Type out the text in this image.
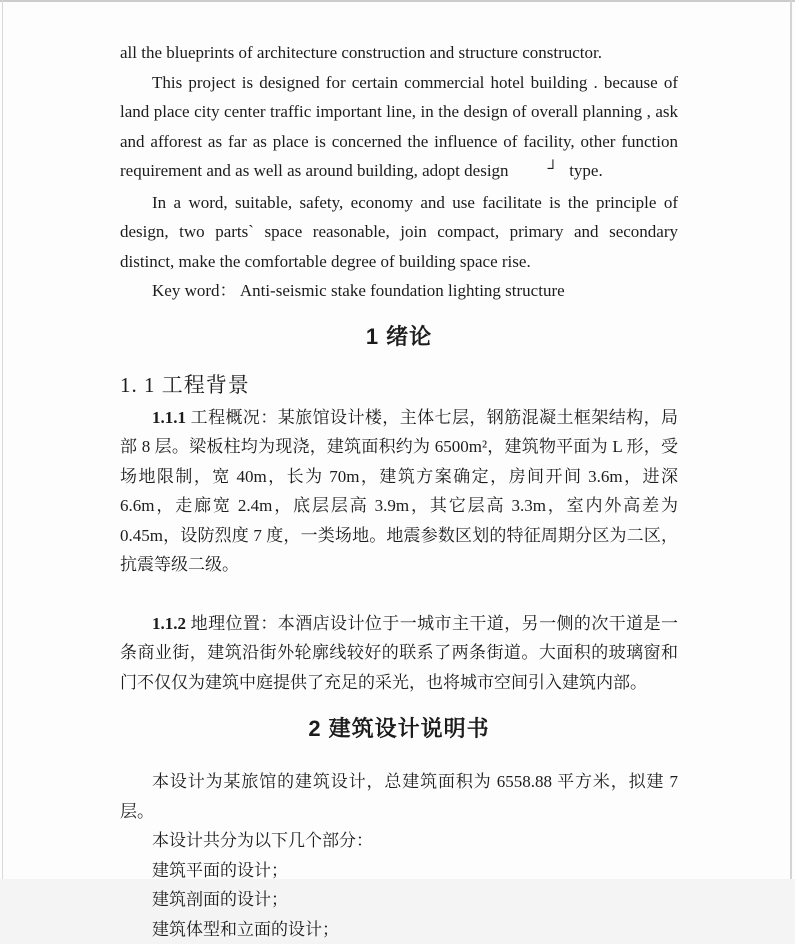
all the blueprints of architecture construction and structure constructor.

This project is designed for certain commercial hotel building . because of land place city center traffic important line, in the design of overall planning , ask and afforest as far as place is concerned the influence of facility, other function requirement and as well as around building, adopt design	┘ type.

In a word, suitable, safety, economy and use facilitate is the principle of design, two parts` space reasonable, join compact, primary and secondary distinct, make the comfortable degree of building space rise.

Key word： Anti-seismic stake foundation lighting structure

1 绪论
1. 1 工程背景

1.1.1 工程概况：某旅馆设计楼，主体七层，钢筋混凝土框架结构，局部 8 层。梁板柱均为现浇，建筑面积约为 6500m²，建筑物平面为 L 形，受场地限制，宽 40m，长为 70m，建筑方案确定，房间开间 3.6m，进深 6.6m，走廊宽 2.4m，底层层高 3.9m，其它层高 3.3m，室内外高差为 0.45m，设防烈度 7 度，一类场地。地震参数区划的特征周期分区为二区，抗震等级二级。

1.1.2 地理位置：本酒店设计位于一城市主干道，另一侧的次干道是一条商业街，建筑沿街外轮廓线较好的联系了两条街道。大面积的玻璃窗和门不仅仅为建筑中庭提供了充足的采光，也将城市空间引入建筑内部。

2 建筑设计说明书

本设计为某旅馆的建筑设计，总建筑面积为 6558.88 平方米，拟建 7 层。

本设计共分为以下几个部分：

建筑平面的设计；

建筑剖面的设计；

建筑体型和立面的设计；
